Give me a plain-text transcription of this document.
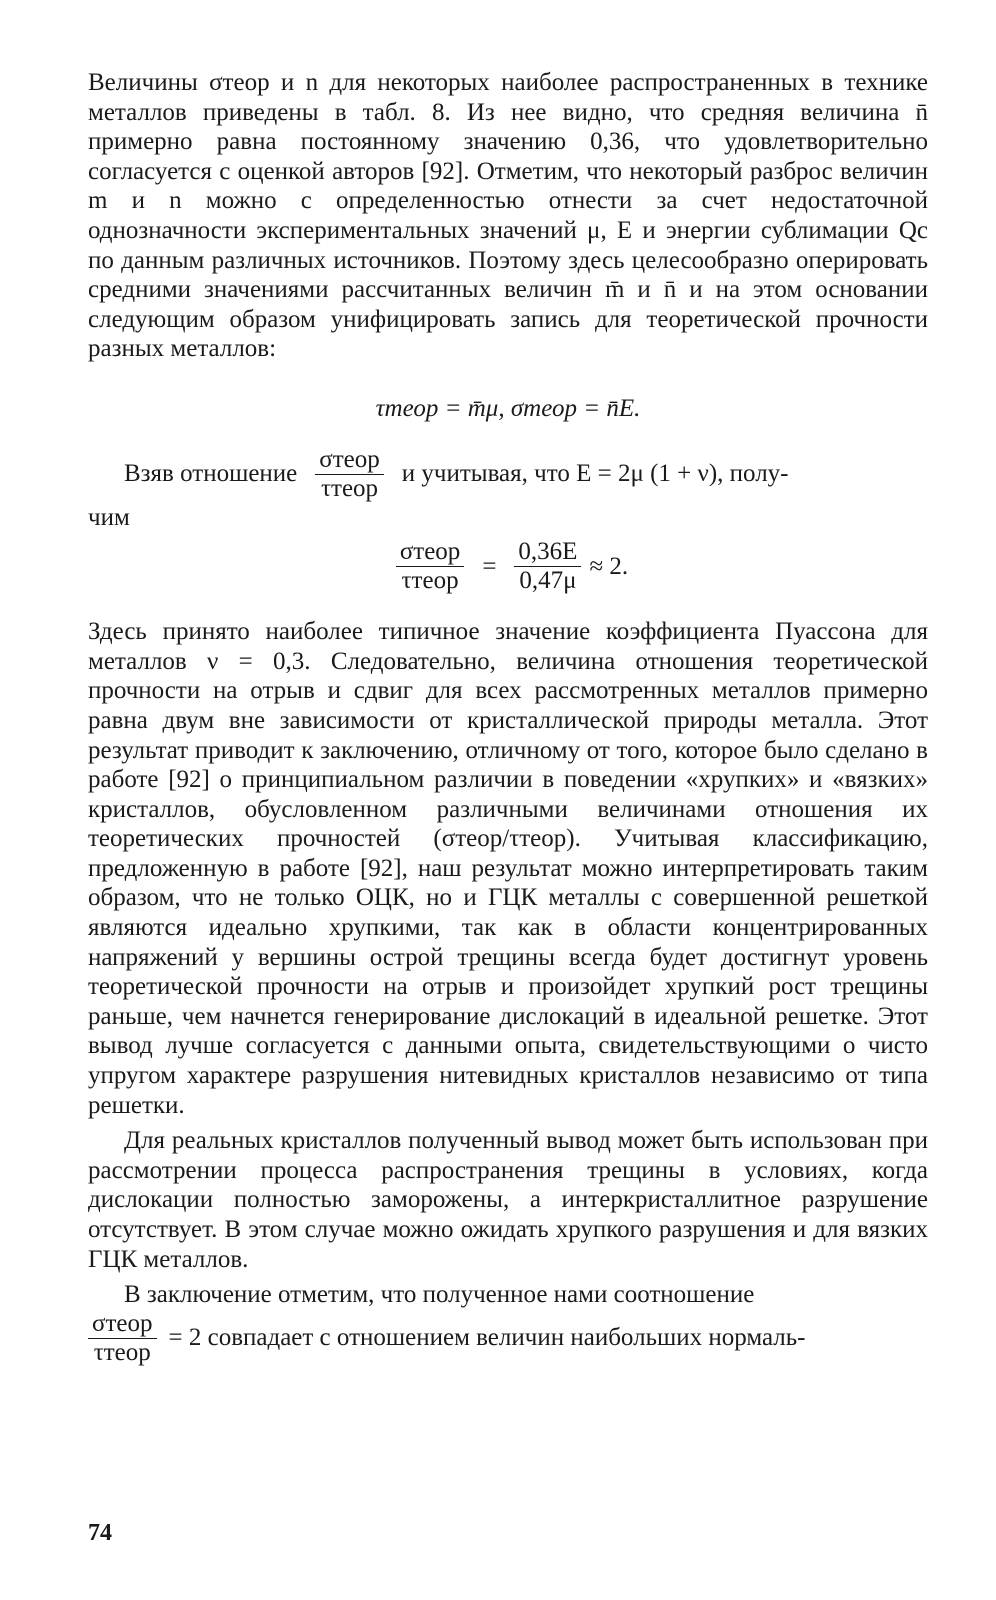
Величины σтеор и n для некоторых наиболее распространенных в технике металлов приведены в табл. 8. Из нее видно, что средняя величина n̄ примерно равна постоянному значению 0,36, что удовлетворительно согласуется с оценкой авторов [92]. Отметим, что некоторый разброс величин m и n можно с определенностью отнести за счет недостаточной однозначности экспериментальных значений μ, E и энергии сублимации Qc по данным различных источников. Поэтому здесь целесообразно оперировать средними значениями рассчитанных величин m̄ и n̄ и на этом основании следующим образом унифицировать запись для теоретической прочности разных металлов:

τтеор = m̄μ, σтеор = n̄E.
Взяв отношение $\frac{\text{σтеор}}{\text{τтеор}}$ и учитывая, что E = 2μ (1 + ν), полу-

чим

$\frac{\text{σтеор}}{\text{τтеор}} = \frac{0,36E}{0,47\mu} \approx 2$.

Здесь принято наиболее типичное значение коэффициента Пуассона для металлов ν = 0,3. Следовательно, величина отношения теоретической прочности на отрыв и сдвиг для всех рассмотренных металлов примерно равна двум вне зависимости от кристаллической природы металла. Этот результат приводит к заключению, отличному от того, которое было сделано в работе [92] о принципиальном различии в поведении «хрупких» и «вязких» кристаллов, обусловленном различными величинами отношения их теоретических прочностей (σтеор/τтеор). Учитывая классификацию, предложенную в работе [92], наш результат можно интерпретировать таким образом, что не только ОЦК, но и ГЦК металлы с совершенной решеткой являются идеально хрупкими, так как в области концентрированных напряжений у вершины острой трещины всегда будет достигнут уровень теоретической прочности на отрыв и произойдет хрупкий рост трещины раньше, чем начнется генерирование дислокаций в идеальной решетке. Этот вывод лучше согласуется с данными опыта, свидетельствующими о чисто упругом характере разрушения нитевидных кристаллов независимо от типа решетки.

Для реальных кристаллов полученный вывод может быть использован при рассмотрении процесса распространения трещины в условиях, когда дислокации полностью заморожены, а интеркристаллитное разрушение отсутствует. В этом случае можно ожидать хрупкого разрушения и для вязких ГЦК металлов.

В заключение отметим, что полученное нами соотношение

$\frac{\text{σтеор}}{\text{τтеор}} = 2$ совпадает с отношением величин наибольших нормаль-
74
